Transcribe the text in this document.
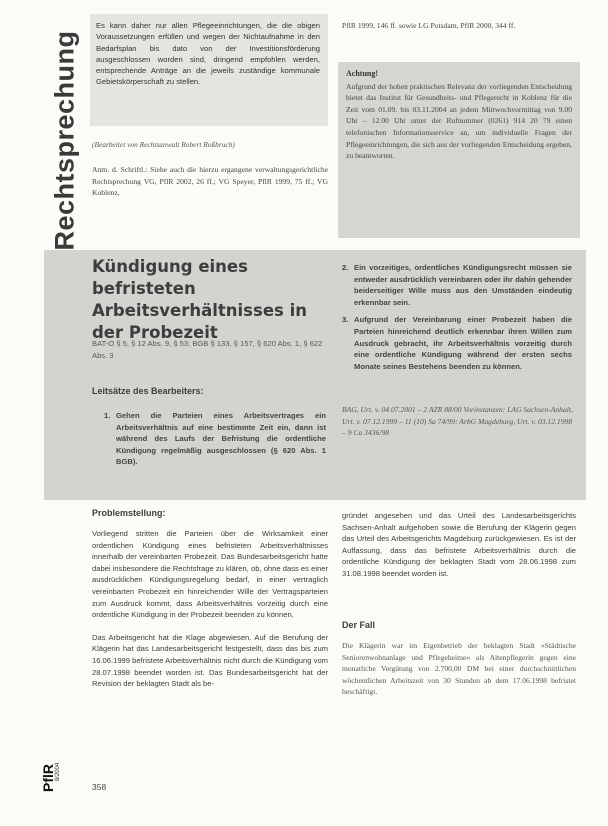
Rechtsprechung
Es kann daher nur allen Pflegeeinrichtungen, die die obigen Voraussetzungen erfüllen und wegen der Nichtaufnahme in den Bedarfsplan bis dato von der Investitionsförderung ausgeschlossen worden sind, dringend empfohlen werden, entsprechende Anträge an die jeweils zuständige kommunale Gebietskörperschaft zu stellen.
(Bearbeitet von Rechtsanwalt Robert Roßbruch)
Anm. d. Schriftl.: Siehe auch die hierzu ergangene verwaltungsgerichtliche Rechtsprechung VG, PflR 2002, 26 ff.; VG Speyer, PflR 1999, 75 ff.; VG Koblenz,
PflR 1999, 146 ff. sowie LG Potsdam, PflR 2000, 344 ff.
Achtung!
Aufgrund der hohen praktischen Relevanz der vorliegenden Entscheidung bietet das Institut für Gesundheits- und Pflegerecht in Koblenz für die Zeit vom 01.09. bis 03.11.2004 an jedem Mittwochvormittag von 9.00 Uhr – 12.00 Uhr unter der Rufnummer (0261) 914 20 79 einen telefonischen Informationsservice an, um individuelle Fragen der Pflegeeinrichtungen, die sich aus der vorliegenden Entscheidung ergeben, zu beantworten.
Kündigung eines befristeten Arbeitsverhältnisses in der Probezeit
BAT-O § 5, § 12 Abs. 9, § 53; BGB § 133, § 157, § 620 Abs. 1, § 622 Abs. 3
Leitsätze des Bearbeiters:
1. Gehen die Parteien eines Arbeitsvertrages ein Arbeitsverhältnis auf eine bestimmte Zeit ein, dann ist während des Laufs der Befristung die ordentliche Kündigung regelmäßig ausgeschlossen (§ 620 Abs. 1 BGB).
2. Ein vorzeitiges, ordentliches Kündigungsrecht müssen sie entweder ausdrücklich vereinbaren oder ihr dahin gehender beiderseitiger Wille muss aus den Umständen eindeutig erkennbar sein.
3. Aufgrund der Vereinbarung einer Probezeit haben die Parteien hinreichend deutlich erkennbar ihren Willen zum Ausdruck gebracht, ihr Arbeitsverhältnis vorzeitig durch eine ordentliche Kündigung während der ersten sechs Monate seines Bestehens beenden zu können.
BAG, Urt. v. 04.07.2001 – 2 AZR 88/00 Vorinstanzen: LAG Sachsen-Anhalt, Urt. v. 07.12.1999 – 11 (10) Sa 74/99; ArbG Magdeburg, Urt. v. 03.12.1998 – 9 Ca 3436/98
Problemstellung:

Vorliegend stritten die Parteien über die Wirksamkeit einer ordentlichen Kündigung eines befristeten Arbeitsverhältnisses innerhalb der vereinbarten Probezeit. Das Bundesarbeitsgericht hatte dabei insbesondere die Rechtsfrage zu klären, ob, ohne dass es einer ausdrücklichen Kündigungsregelung bedarf, in einer vertraglich vereinbarten Probezeit ein hinreichender Wille der Vertragsparteien zum Ausdruck kommt, dass Arbeitsverhältnis vorzeitig durch eine ordentliche Kündigung in der Probezeit beenden zu können.

Das Arbeitsgericht hat die Klage abgewiesen. Auf die Berufung der Klägerin hat das Landesarbeitsgericht festgestellt, dass das bis zum 16.06.1999 befristete Arbeitsverhältnis nicht durch die Kündigung vom 28.07.1998 beendet worden ist. Das Bundesarbeitsgericht hat der Revision der beklagten Stadt als be-

gründet angesehen und das Urteil des Landesarbeitsgerichts Sachsen-Anhalt aufgehoben sowie die Berufung der Klägerin gegen das Urteil des Arbeitsgerichts Magdeburg zurückgewiesen. Es ist der Auffassung, dass das befristete Arbeitsverhältnis durch die ordentliche Kündigung der beklagten Stadt vom 28.06.1998 zum 31.08.1998 beendet worden ist.
Der Fall
Die Klägerin war im Eigenbetrieb der beklagten Stadt »Städtische Seniorenwohnanlage und Pflegeheime« als Altenpflegerin gegen eine monatliche Vergütung von 2.700,00 DM bei einer durchschnittlichen wöchentlichen Arbeitszeit von 30 Stunden ab dem 17.06.1998 befristet beschäftigt.
PflR 8/2004
358
